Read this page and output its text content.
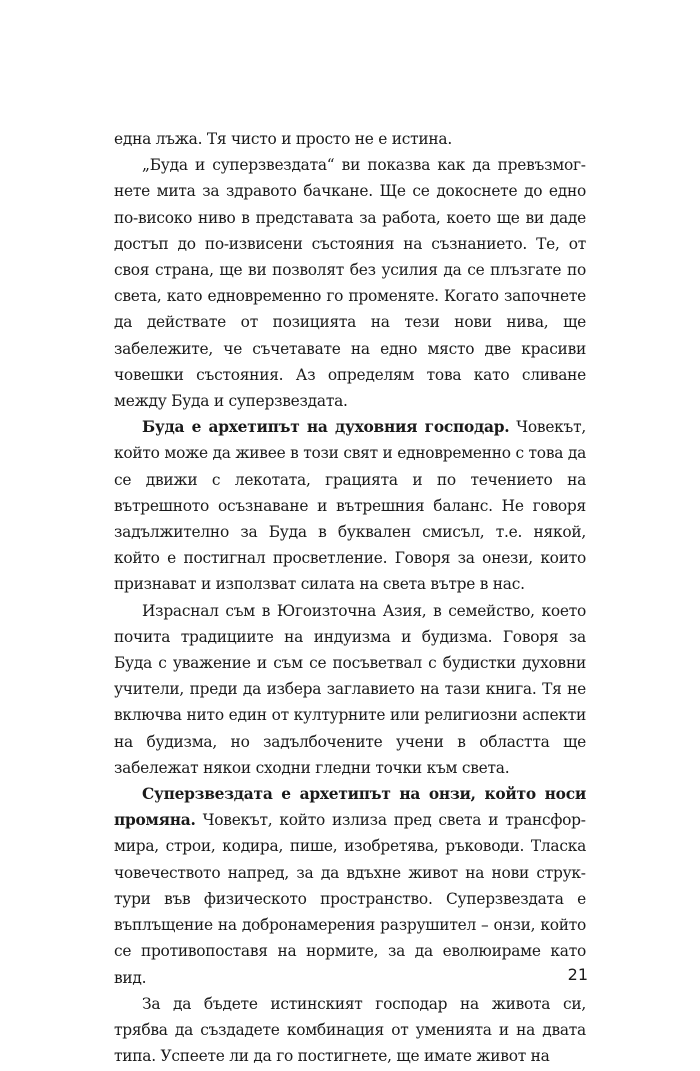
една лъжа. Тя чисто и просто не е истина.

„Буда и суперзвездата“ ви показва как да превъзмогнете мита за здравото бачкане. Ще се докоснете до едно по-високо ниво в представата за работа, което ще ви даде достъп до по-извисени състояния на съзнанието. Те, от своя страна, ще ви позволят без усилия да се плъзгате по света, като едновременно го променяте. Когато започнете да действате от позицията на тези нови нива, ще забележите, че съчетавате на едно място две красиви човешки състояния. Аз определям това като сливане между Буда и суперзвездата.

Буда е архетипът на духовния господар. Човекът, който може да живее в този свят и едновременно с това да се движи с лекотата, грацията и по течението на вътрешното осъзнаване и вътрешния баланс. Не говоря задължително за Буда в буквален смисъл, т.е. някой, който е постигнал просветление. Говоря за онези, които признават и използват силата на света вътре в нас.

Израснал съм в Югоизточна Азия, в семейство, което почита традициите на индуизма и будизма. Говоря за Буда с уважение и съм се посъветвал с будистки духовни учители, преди да избера заглавието на тази книга. Тя не включва нито един от културните или религиозни аспекти на будизма, но задълбочените учени в областта ще забележат някои сходни гледни точки към света.

Суперзвездата е архетипът на онзи, който носи промяна. Човекът, който излиза пред света и трансформира, строи, кодира, пише, изобретява, ръководи. Тласка човечеството напред, за да вдъхне живот на нови структури във физическото пространство. Суперзвездата е въплъщение на добронамерения разрушител – онзи, който се противопоставя на нормите, за да еволюираме като вид.

За да бъдете истинският господар на живота си, трябва да създадете комбинация от уменията и на двата типа. Успеете ли да го постигнете, ще имате живот на

21
